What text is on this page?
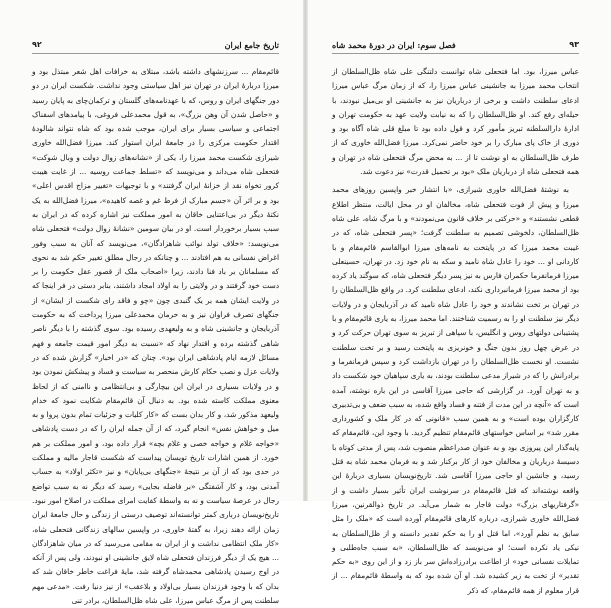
۹۲	تاریخ جامع ایران

قائم‌مقام ... سرزنشهای داشته باشد، مبتلای به خرافات اهل شعر مبتذل بود و میرزا دربارهٔ ایران در تهران نیز اهل سیاستی وجود نداشت. شکست ایران در دو دور جنگهای ایران و روس، که با عهدنامه‌های گلستان و ترکمان‌چای به پایان رسید و «حاصل شدن آن وهن بزرگ»، به قول محمدعلی فروغی، با پیامدهای اسفناک اجتماعی و سیاسی بسیار برای ایران، موجب شده بود که شاه نتواند شالودهٔ اقتدار حکومت مرکزی را در جامعهٔ ایران استوار کند. میرزا فضل‌الله خاوری شیرازی شکست محمد میرزا را، یکی از «نشانه‌های زوال دولت و وبال شوکت» فتحعلی شاه می‌داند و می‌نویسد که «تسلط جماعت روسیه ... از غایت هیبت کرور تخواه نقد از خزانهٔ ایران گرفتند» و با توجیهات «تغییر مزاج اقدس اعلی» بود و بر اثر آن «جسم مبارک از فرط غم و غصه کاهیده»، میرزا فضل‌الله به یک نکتهٔ دیگر در بی‌اعتنایی خاقان به امور مملکت نیز اشاره کرده که در ایران به سبب بسیار برخوردار است. او در بیان سومین «نشانهٔ زوال دولت» فتحعلی شاه می‌نویسد: «خلاف تولد نوائب شاهزادگان»، می‌نویسد که آنان به سبب وفور اغراض نفسانی به هم افتادند ... و چنانکه در رجال مطلق تغییر حکم شد به نحوی که مسلمانان بر باد فنا دادند، زیرا «اصحاب ملک از قصور عقل حکومت را بر دست خود گرفتند و در ولایتی را به اولاد امجاد داشتند، بنابر دستی در فر اینجا که در ولایت ایشان همه بر یک گنبدی چون «چو و فاقد رای شکست از ایشان» از جنگهای تصرف فراوان نیز و به حرمان محمدعلی میرزا پرداخت که به حکومت آذربایجان و جانشینی شاه و به ولیعهدی رسیده بود. سوی گذشته را با دیگر ناصر شاهی گذشته برده و اقتدار نهاد که «نسبت به دیگر امور قیمت جامعه و فهم مسائل لازمه ایام پادشاهی ایران بود». چنان که «در اخبار» گزارش شده که در ولایات عزل و نصب حکام کارش منحصر به سیاست و فساد و پیشکش نمودن بود و در ولایات بسیاری در ایران این بیچارگی و بی‌انتظامی و ناامنی که از لحاظ معنوی مملکت کاسته شده بود. به دنبال آن قائم‌مقام شکایت نمود که خدام ولیعهد مذکور شد، و کار بدان بست که «کار کلیات و جزئیات تمام بدون پروا و به میل و خواهش نفس» انجام گیرد، که از آن جمله ایران را که در دست پادشاهی «خواجه غلام و خواجه خصی و غلام بچه» قرار داده بود، و امور مملکت بر هم خورد. از همین اشارات تاریخ تویسان پیداست که شکست قاجار مالیه و مملکت در حدی بود که از آن بر نتیجهٔ «جنگهای بی‌پایان» و نیز «تکثر اولاد» به حساب آمدنی بود، و کار آشفتگی «بر فاضله بجایی» رسید که دیگر نه به سبب تواضع رجال در عرصهٔ سیاست و نه به واسطهٔ کفایت امرای مملکت در اصلاح امور نبود. تاریخ‌نویسان درباری کمتر توانسته‌اند توصیف درستی از زندگی و حال جامعهٔ ایران زمان ارائه دهند زیرا، به گفتهٔ خاوری، در واپسین سالهای زندگانی فتحعلی شاه، «کار ملک انتظامی نداشت و از ایران به مقامی می‌رسید که در میان شاهزادگان ... هیچ یک از دیگر فرزندان فتحعلی شاه لایق جانشینی او نبودند، ولی پس از آنکه در اوج رسیدن پادشاهی محمدشاه گرفته شد، مایهٔ فراغت خاطر خاقان شد که بدان که با وجود فرزندان بسیار بی‌اولاد و بلاعقب» از نیز دنیا رفت. «مدعی مهم سلطنت پس از مرگ عباس میرزا، علی شاه ظل‌السلطان، برادر تنی

فصل سوم: ایران در دورهٔ محمد شاه	۹۳

عباس میرزا، بود. اما فتحعلی شاه توانست دلتنگی علی شاه ظل‌السلطان از انتخاب محمد میرزا به جانشینی عباس میرزا را، که از زمان مرگ عباس میرزا ادعای سلطنت داشت و برخی از درباریان نیز به جانشینی او بی‌میل نبودند، با حیله‌ای رفع کند. او ظل‌السلطان را که به نیابت ولایت عهد به حکومت تهران و ادارهٔ دارالسلطنه تبریز مأمور کرد و قول داده بود تا مبلغ قلی شاه آگاه بود و دوری از خاک پای مبارک را بر خود حاضر نمی‌کرد. میرزا فضل‌الله خاوری که از طرف ظل‌السلطان به او نوشت تا از ... به محض مرگ فتحعلی شاه در تهران و همه فتحعلی شاه از درباریان ملک «بود بر تحمیل قدرت» نیز دعوت شد.

به نوشتهٔ فضل‌الله خاوری شیرازی، «با انتشار خبر واپسین روزهای محمد میرزا و پیش از فوت فتحعلی شاه، مخالفان او در محل ایالت، منتظر اطلاع قطعی نشستند» و «حرکتی بر خلاف قانون می‌نمودند» و با مرگ شاه، علی شاه ظل‌السلطان، دلخوشی تصمیم به سلطنت گرفت؛ «پسر فتحعلی شاه، که در غیبت محمد میرزا که در پایتخت به نامه‌های میرزا ابوالقاسم قائم‌مقام و با کاردانی او ... خود را عادل شاه نامید و سکه به نام خود زد. در تهران، حسینعلی میرزا فرمانفرما حکمران فارس به نیز پسر دیگر فتحعلی شاه، که سوگند یاد کرده بود از محمد میرزا فرمانبرداری نکند، ادعای سلطنت کرد. در واقع ظل‌السلطان را در تهران بر تخت نشاندند و خود را عادل شاه نامید که در آذربایجان و در ولایات دیگر نیز سلطنت او را به رسمیت شناختند. اما محمد میرزا، به یاری قائم‌مقام و با پشتیبانی دولتهای روس و انگلیس، با سپاهی از تبریز به سوی تهران حرکت کرد و در عرض چهل روز بدون جنگ و خونریزی به پایتخت رسید و بر تخت سلطنت نشست. او نخست ظل‌السلطان را در تهران بازداشت کرد و سپس فرمانفرما و برادرانش را که در شیراز مدعی سلطنت بودند، به یاری سپاهیان خود شکست داد و به تهران آورد. در گزارشی که حاجی میرزا آقاسی در این باره نوشته، آمده است که «آنچه در این مدت از فتنه و فساد واقع شده، به سبب ضعف و بی‌تدبیری کارگزاران بوده است» و به همین سبب «قانونی که در کار ملک و کشورداری مقرر شد» بر اساس خواستهای قائم‌مقام تنظیم گردید. با وجود این، قائم‌مقام که پایه‌گذار این پیروزی بود و به عنوان صدراعظم منصوب شد، پس از مدتی کوتاه با دسیسهٔ درباریان و مخالفان خود از کار برکنار شد و به فرمان محمد شاه به قتل رسید، و جانشین او حاجی میرزا آقاسی شد. تاریخ‌نویسان بسیاری دربارهٔ این واقعه نوشته‌اند که قتل قائم‌مقام در سرنوشت ایران تأثیر بسیار داشت و از «گرفتاریهای بزرگ» دولت قاجار به شمار می‌آید. در تاریخ ذوالقرنین، میرزا فضل‌الله خاوری شیرازی، درباره کارهای قائم‌مقام آورده است که «ملک را مثل سابق به نظم آورد»، اما قتل او را به حکم تقدیر دانسته و از ظل‌السلطان به نیکی یاد نکرده است؛ او می‌نویسد که ظل‌السلطان، «به سبب جاه‌طلبی و تمایلات نفسانی خود» از اطاعت برادرزاده‌اش سر باز زد و از این روی «به حکم تقدیر» از تخت به زیر کشیده شد. او آن شده بود که به واسطهٔ قائم‌مقام ... از قرار معلوم از همه قائم‌مقام، که ذکر
